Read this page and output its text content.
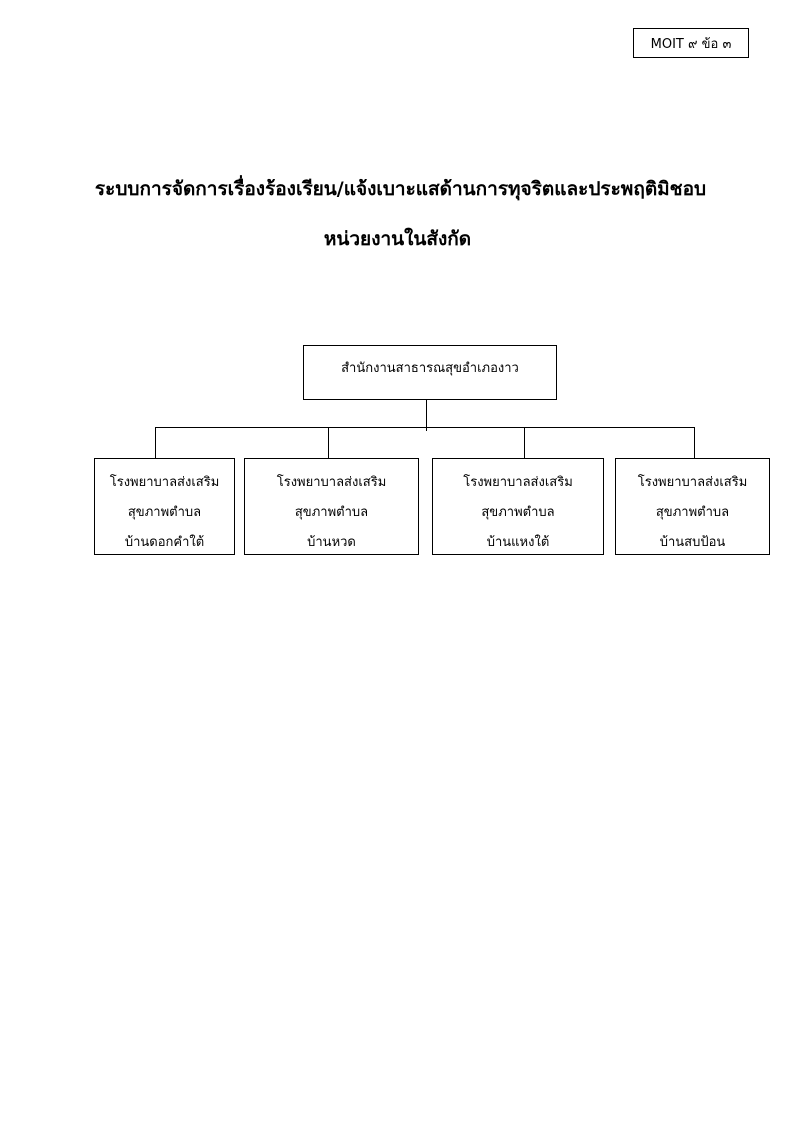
MOIT ๙ ข้อ ๓
ระบบการจัดการเรื่องร้องเรียน/แจ้งเบาะแสด้านการทุจริตและประพฤติมิชอบ
หน่วยงานในสังกัด
สำนักงานสาธารณสุขอำเภองาว
โรงพยาบาลส่งเสริม
สุขภาพตำบล
บ้านดอกคำใต้
โรงพยาบาลส่งเสริม
สุขภาพตำบล
บ้านหวด
โรงพยาบาลส่งเสริม
สุขภาพตำบล
บ้านแหงใต้
โรงพยาบาลส่งเสริม
สุขภาพตำบล
บ้านสบป้อน
